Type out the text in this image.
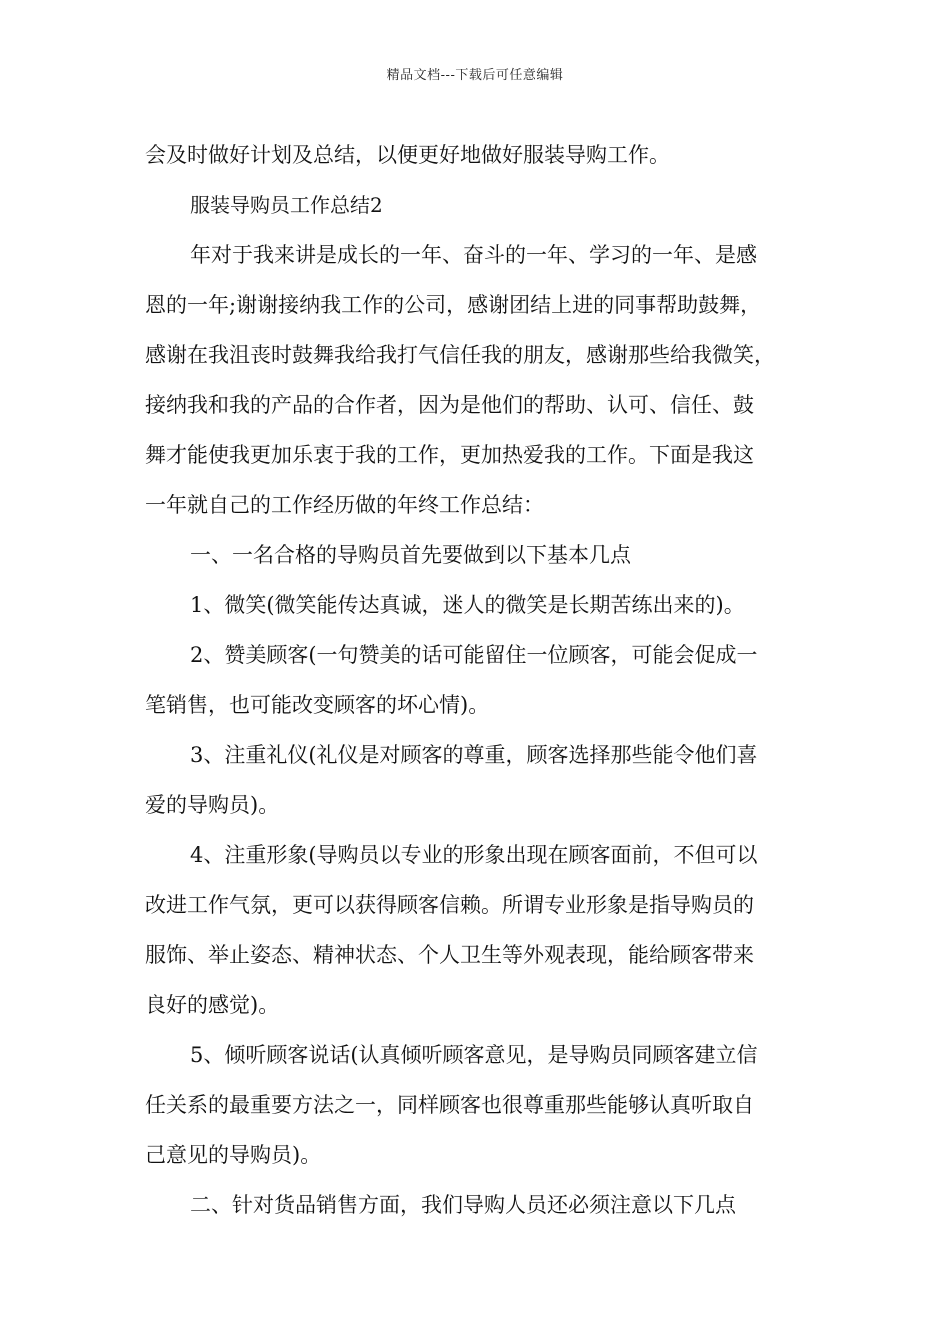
精品文档---下载后可任意编辑
会及时做好计划及总结，以便更好地做好服装导购工作。
服装导购员工作总结2
年对于我来讲是成长的一年、奋斗的一年、学习的一年、是感
恩的一年;谢谢接纳我工作的公司，感谢团结上进的同事帮助鼓舞，
感谢在我沮丧时鼓舞我给我打气信任我的朋友，感谢那些给我微笑，
接纳我和我的产品的合作者，因为是他们的帮助、认可、信任、鼓
舞才能使我更加乐衷于我的工作，更加热爱我的工作。下面是我这
一年就自己的工作经历做的年终工作总结：
一、一名合格的导购员首先要做到以下基本几点
1、微笑(微笑能传达真诚，迷人的微笑是长期苦练出来的)。
2、赞美顾客(一句赞美的话可能留住一位顾客，可能会促成一
笔销售，也可能改变顾客的坏心情)。
3、注重礼仪(礼仪是对顾客的尊重，顾客选择那些能令他们喜
爱的导购员)。
4、注重形象(导购员以专业的形象出现在顾客面前，不但可以
改进工作气氛，更可以获得顾客信赖。所谓专业形象是指导购员的
服饰、举止姿态、精神状态、个人卫生等外观表现，能给顾客带来
良好的感觉)。
5、倾听顾客说话(认真倾听顾客意见，是导购员同顾客建立信
任关系的最重要方法之一，同样顾客也很尊重那些能够认真听取自
己意见的导购员)。
二、针对货品销售方面，我们导购人员还必须注意以下几点
